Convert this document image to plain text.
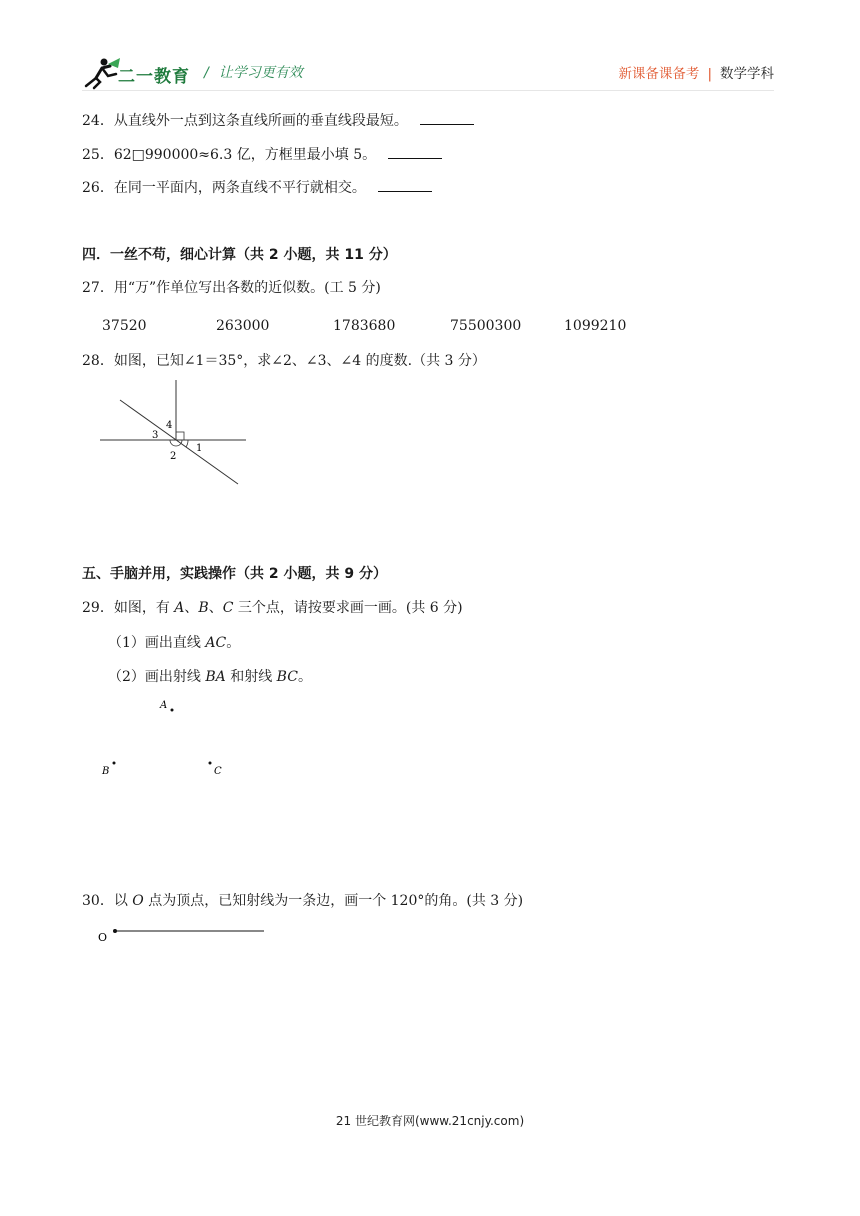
二一教育 / 让学习更有效	新课备课备考 | 数学学科
24．从直线外一点到这条直线所画的垂直线段最短。
25．62□990000≈6.3 亿，方框里最小填 5。
26．在同一平面内，两条直线不平行就相交。
四．一丝不苟，细心计算（共 2 小题，共 11 分）
27．用“万”作单位写出各数的近似数。(工 5 分)
37520	263000	1783680	75500300	1099210
28．如图，已知∠1＝35°，求∠2、∠3、∠4 的度数.（共 3 分）
4
3
2
1
五、手脑并用，实践操作（共 2 小题，共 9 分）
29．如图，有 A、B、C 三个点，请按要求画一画。(共 6 分)
（1）画出直线 AC。
（2）画出射线 BA 和射线 BC。
A
B	C
30．以 O 点为顶点，已知射线为一条边，画一个 120°的角。(共 3 分)
O
21 世纪教育网(www.21cnjy.com)
